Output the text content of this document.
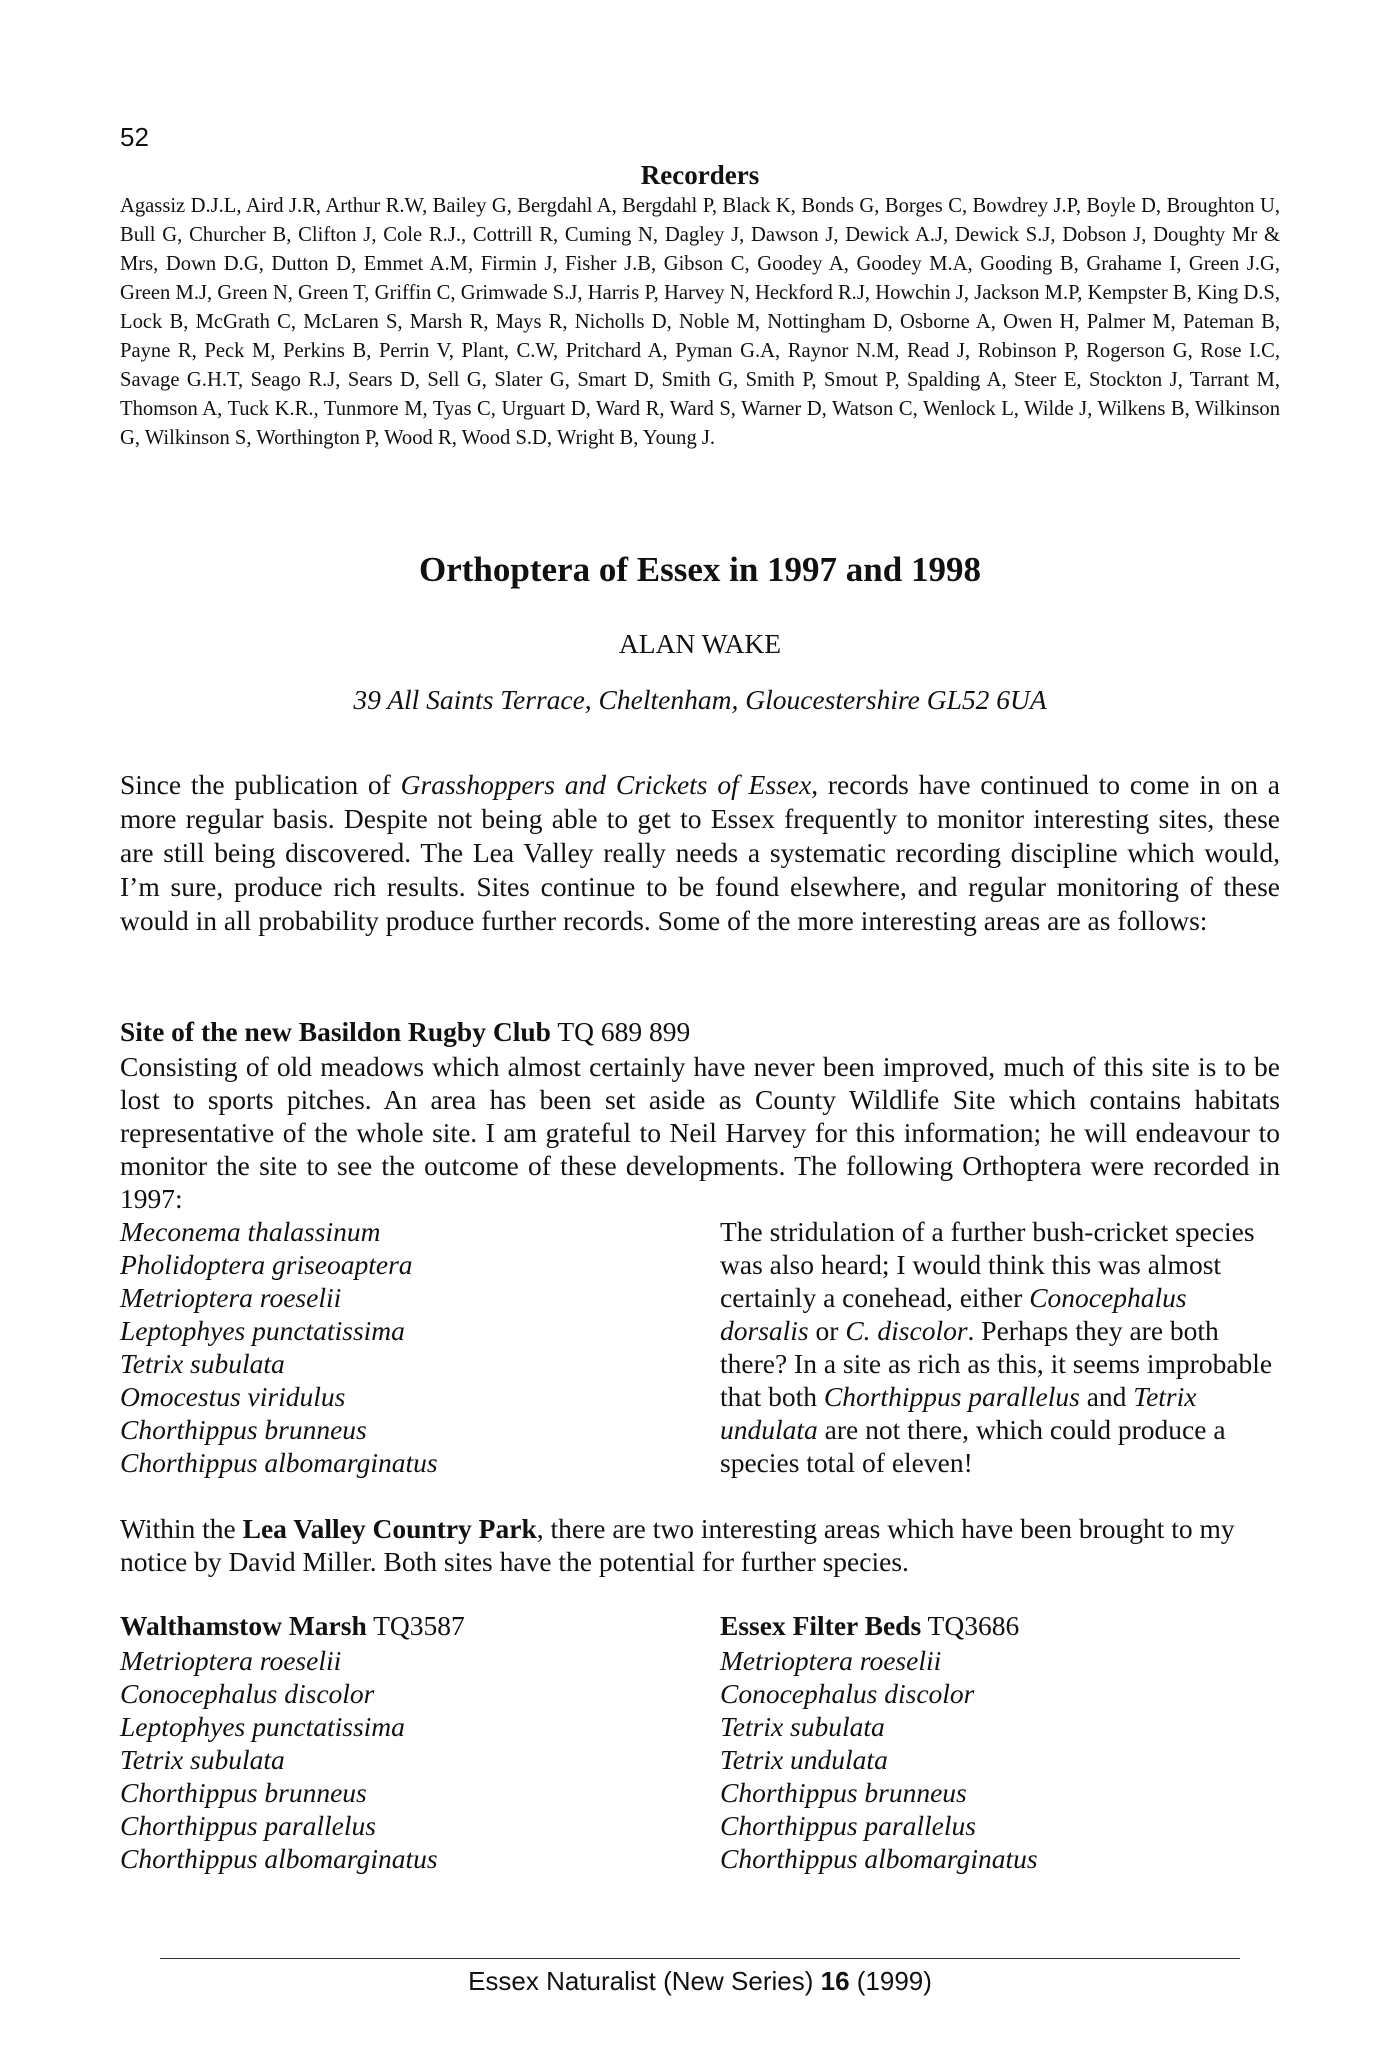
52
Recorders

Agassiz D.J.L, Aird J.R, Arthur R.W, Bailey G, Bergdahl A, Bergdahl P, Black K, Bonds G, Borges C, Bowdrey J.P, Boyle D, Broughton U, Bull G, Churcher B, Clifton J, Cole R.J., Cottrill R, Cuming N, Dagley J, Dawson J, Dewick A.J, Dewick S.J, Dobson J, Doughty Mr & Mrs, Down D.G, Dutton D, Emmet A.M, Firmin J, Fisher J.B, Gibson C, Goodey A, Goodey M.A, Gooding B, Grahame I, Green J.G, Green M.J, Green N, Green T, Griffin C, Grimwade S.J, Harris P, Harvey N, Heckford R.J, Howchin J, Jackson M.P, Kempster B, King D.S, Lock B, McGrath C, McLaren S, Marsh R, Mays R, Nicholls D, Noble M, Nottingham D, Osborne A, Owen H, Palmer M, Pateman B, Payne R, Peck M, Perkins B, Perrin V, Plant, C.W, Pritchard A, Pyman G.A, Raynor N.M, Read J, Robinson P, Rogerson G, Rose I.C, Savage G.H.T, Seago R.J, Sears D, Sell G, Slater G, Smart D, Smith G, Smith P, Smout P, Spalding A, Steer E, Stockton J, Tarrant M, Thomson A, Tuck K.R., Tunmore M, Tyas C, Urguart D, Ward R, Ward S, Warner D, Watson C, Wenlock L, Wilde J, Wilkens B, Wilkinson G, Wilkinson S, Worthington P, Wood R, Wood S.D, Wright B, Young J.

Orthoptera of Essex in 1997 and 1998
ALAN WAKE
39 All Saints Terrace, Cheltenham, Gloucestershire GL52 6UA

Since the publication of Grasshoppers and Crickets of Essex, records have continued to come in on a more regular basis. Despite not being able to get to Essex frequently to monitor interesting sites, these are still being discovered. The Lea Valley really needs a systematic recording discipline which would, I’m sure, produce rich results. Sites continue to be found elsewhere, and regular monitoring of these would in all probability produce further records. Some of the more interesting areas are as follows:

Site of the new Basildon Rugby Club TQ 689 899

Consisting of old meadows which almost certainly have never been improved, much of this site is to be lost to sports pitches. An area has been set aside as County Wildlife Site which contains habitats representative of the whole site. I am grateful to Neil Harvey for this information; he will endeavour to monitor the site to see the outcome of these developments. The following Orthoptera were recorded in 1997:

Meconema thalassinum
Pholidoptera griseoaptera
Metrioptera roeselii
Leptophyes punctatissima
Tetrix subulata
Omocestus viridulus
Chorthippus brunneus
Chorthippus albomarginatus

The stridulation of a further bush-cricket species was also heard; I would think this was almost certainly a conehead, either Conocephalus dorsalis or C. discolor. Perhaps they are both there? In a site as rich as this, it seems improbable that both Chorthippus parallelus and Tetrix undulata are not there, which could produce a species total of eleven!

Within the Lea Valley Country Park, there are two interesting areas which have been brought to my notice by David Miller. Both sites have the potential for further species.

Walthamstow Marsh TQ3587	Essex Filter Beds TQ3686
Metrioptera roeselii
Conocephalus discolor
Leptophyes punctatissima
Tetrix subulata
Chorthippus brunneus
Chorthippus parallelus
Chorthippus albomarginatus
Metrioptera roeselii
Conocephalus discolor
Tetrix subulata
Tetrix undulata
Chorthippus brunneus
Chorthippus parallelus
Chorthippus albomarginatus
Essex Naturalist (New Series) 16 (1999)
